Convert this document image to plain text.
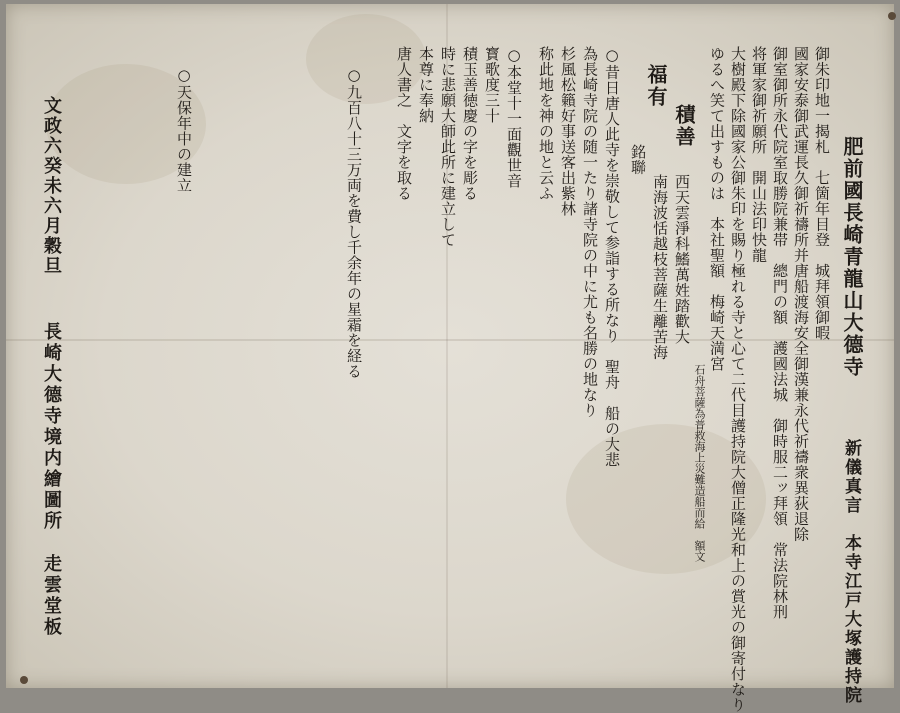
肥前國長崎青龍山大德寺
新儀真言　本寺江戸大塚護持院
御朱印地一揭札　七箇年目登　城拜領御暇
國家安泰御武運長久御祈禱所并唐船渡海安全御漢兼永代祈禱衆異荻退除
御室御所永代院室取勝院兼帯　總門の額　護國法城　御時服二ッ拜領　常法院林刑
将軍家御祈願所　開山法印快龍
大樹殿下除國家公御朱印を賜り極れる寺と心て二代目護持院大僧正隆光和上の賞光の御寄付なり
ゆるへ笑て出すものは　本社聖額　梅崎天満宮
積善
福有
西天雲淨科鰭萬姓踏歡大
南海波恬越枝菩薩生離苦海
銘聯
石舟菩薩為普救海上災難造船而給　額文
○昔日唐人此寺を崇敬して参詣する所なり　聖舟　船の大悲
為長崎寺院の随一たり諸寺院の中に尤も名勝の地なり
杉風松籟好事送客出紫林
称此地を神の地と云ふ
○本堂十一面觀世音
寳歌度三十
積玉善徳慶の字を彫る
時に悲願大師此所に建立して
本尊に奉納
唐人書之　文字を取る
○九百八十三万両を費し千余年の星霜を経る
○天保年中の建立
文政六癸未六月穀旦
長崎大德寺境内繪圖所
走雲堂板
